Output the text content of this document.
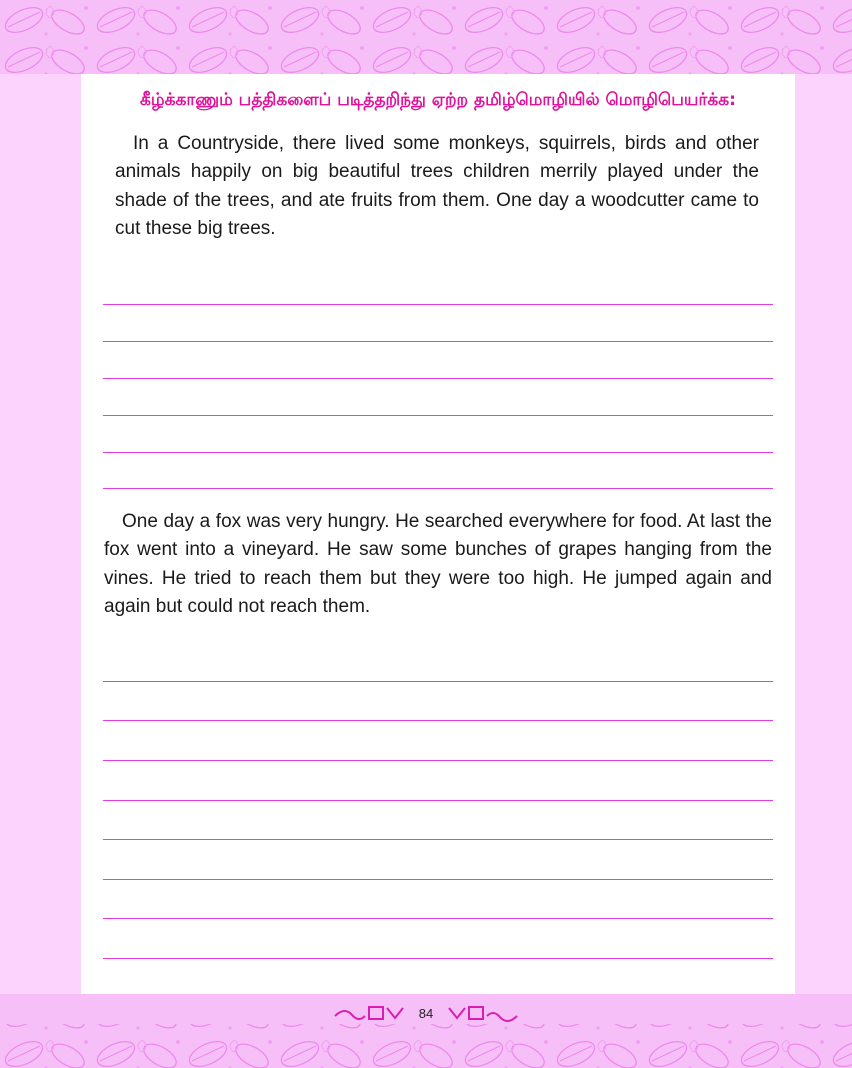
கீழ்க்காணும் பத்திகளைப் படித்தறிந்து ஏற்ற தமிழ்மொழியில் மொழிபெயர்க்க:

In a Countryside, there lived some monkeys, squirrels, birds and other animals happily on big beautiful trees children merrily played under the shade of the trees, and ate fruits from them. One day a woodcutter came to cut these big trees.

One day a fox was very hungry. He searched everywhere for food. At last the fox went into a vineyard. He saw some bunches of grapes hanging from the vines. He tried to reach them but they were too high. He jumped again and again but could not reach them.

84
